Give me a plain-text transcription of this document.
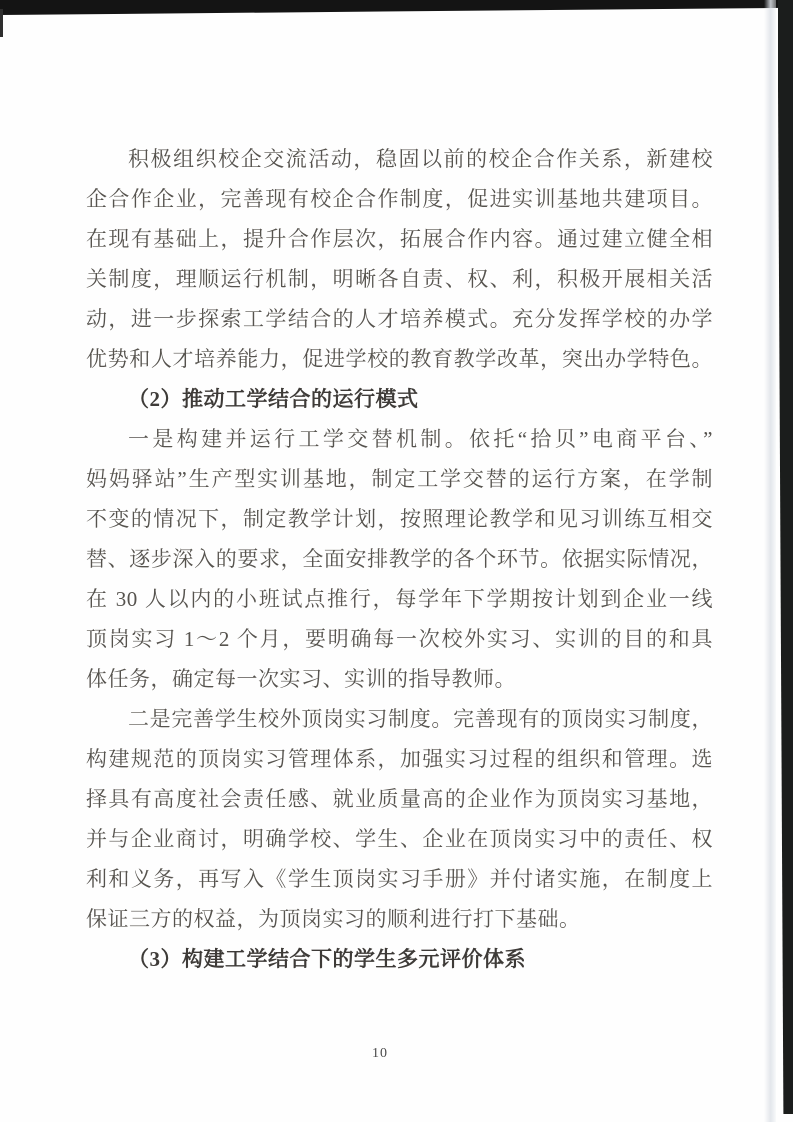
积极组织校企交流活动，稳固以前的校企合作关系，新建校
企合作企业，完善现有校企合作制度，促进实训基地共建项目。
在现有基础上，提升合作层次，拓展合作内容。通过建立健全相
关制度，理顺运行机制，明晰各自责、权、利，积极开展相关活
动，进一步探索工学结合的人才培养模式。充分发挥学校的办学
优势和人才培养能力，促进学校的教育教学改革，突出办学特色。
（2）推动工学结合的运行模式
一是构建并运行工学交替机制。依托“拾贝”电商平台、”
妈妈驿站”生产型实训基地，制定工学交替的运行方案，在学制
不变的情况下，制定教学计划，按照理论教学和见习训练互相交
替、逐步深入的要求，全面安排教学的各个环节。依据实际情况，
在 30 人以内的小班试点推行，每学年下学期按计划到企业一线
顶岗实习 1～2 个月，要明确每一次校外实习、实训的目的和具
体任务，确定每一次实习、实训的指导教师。
二是完善学生校外顶岗实习制度。完善现有的顶岗实习制度，
构建规范的顶岗实习管理体系，加强实习过程的组织和管理。选
择具有高度社会责任感、就业质量高的企业作为顶岗实习基地，
并与企业商讨，明确学校、学生、企业在顶岗实习中的责任、权
利和义务，再写入《学生顶岗实习手册》并付诸实施，在制度上
保证三方的权益，为顶岗实习的顺利进行打下基础。
（3）构建工学结合下的学生多元评价体系
10
